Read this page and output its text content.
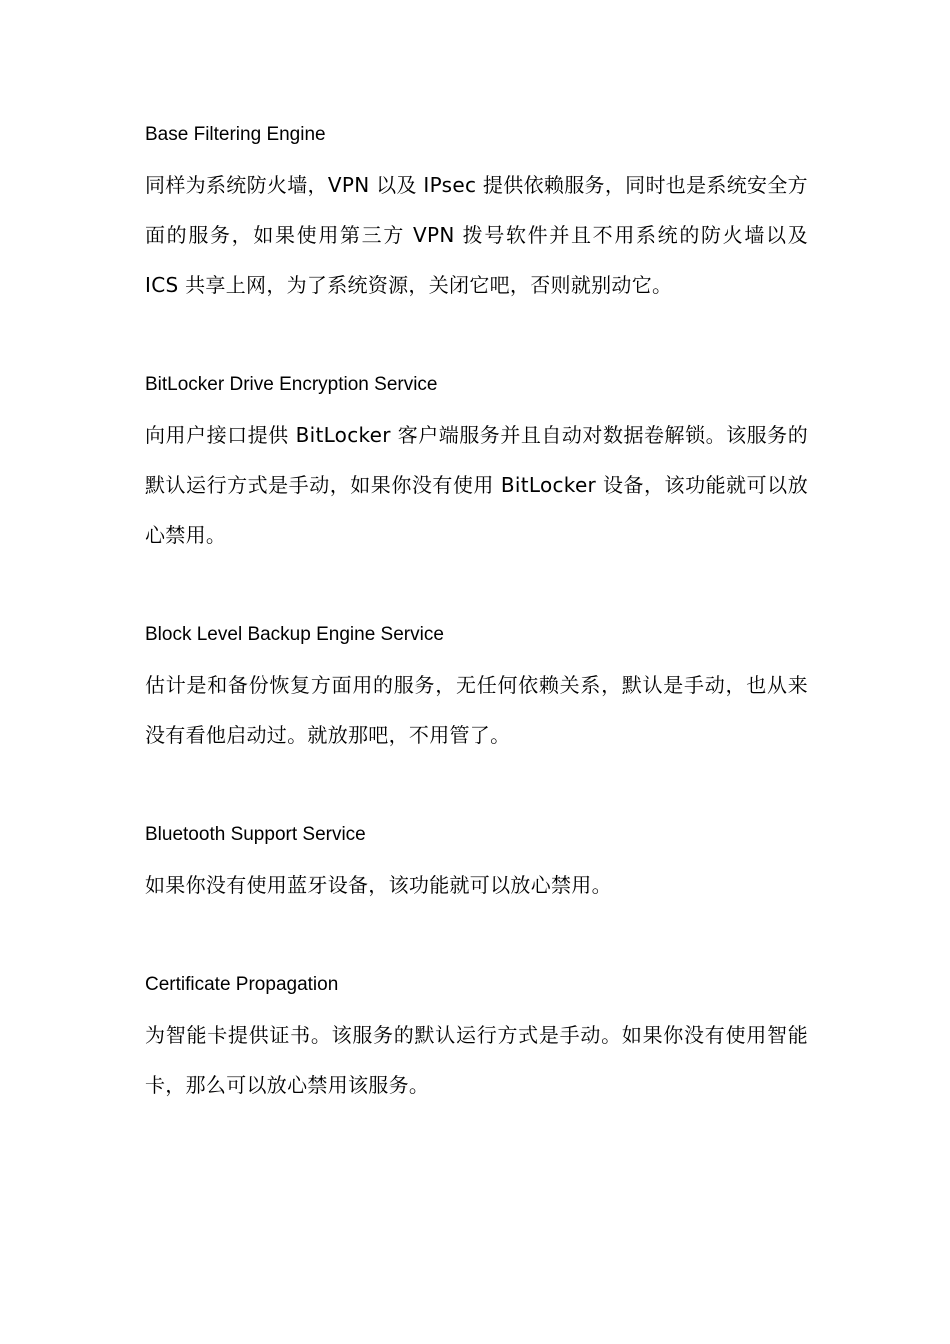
Base Filtering Engine
同样为系统防火墙，VPN 以及 IPsec 提供依赖服务，同时也是系统安全方面的服务，如果使用第三方 VPN 拨号软件并且不用系统的防火墙以及 ICS 共享上网，为了系统资源，关闭它吧，否则就别动它。
BitLocker Drive Encryption Service
向用户接口提供 BitLocker 客户端服务并且自动对数据卷解锁。该服务的默认运行方式是手动，如果你没有使用 BitLocker 设备，该功能就可以放心禁用。
Block Level Backup Engine Service
估计是和备份恢复方面用的服务，无任何依赖关系，默认是手动，也从来没有看他启动过。就放那吧，不用管了。
Bluetooth Support Service
如果你没有使用蓝牙设备，该功能就可以放心禁用。
Certificate Propagation
为智能卡提供证书。该服务的默认运行方式是手动。如果你没有使用智能卡，那么可以放心禁用该服务。
